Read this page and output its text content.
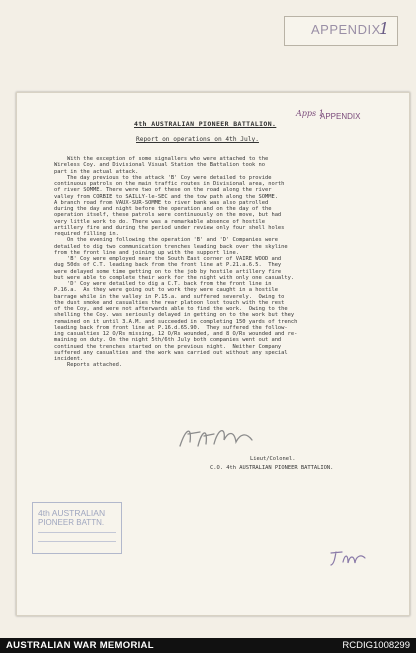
APPENDIX
1
Apps 1
APPENDIX
4th AUSTRALIAN PIONEER BATTALION.
Report on operations on 4th July.
With the exception of some signallers who were attached to the
Wireless Coy. and Divisional Visual Station the Battalion took no
part in the actual attack.
The day previous to the attack 'B' Coy were detailed to provide
continuous patrols on the main traffic routes in Divisional area, north
of river SOMME. There were two of these on the road along the river
valley from CORBIE to SAILLY-le-SEC and the tow path along the SOMME.
A branch road from VAUX-SUR-SOMME to river bank was also patrolled
during the day and night before the operation and on the day of the
operation itself, these patrols were continuously on the move, but had
very little work to do. There was a remarkable absence of hostile
artillery fire and during the period under review only four shell holes
required filling in.
On the evening following the operation 'B' and 'D' Companies were
detailed to dig two communication trenches leading back over the skyline
from the front line and joining up with the support line.
'B' Coy were employed near the South East corner of VAIRE WOOD and
dug 50ds of C.T. leading back from the front line at P.21.a.6.5.  They
were delayed some time getting on to the job by hostile artillery fire
but were able to complete their work for the night with only one casualty.
'D' Coy were detailed to dig a C.T. back from the front line in
P.16.a.  As they were going out to work they were caught in a hostile
barrage while in the valley in P.15.a. and suffered severely.  Owing to
the dust smoke and casualties the rear platoon lost touch with the rest
of the Coy, and were not afterwards able to find the work.  Owing to the
shelling the Coy. was seriously delayed in getting on to the work but they
remained on it until 3.A.M. and succeeded in completing 150 yards of trench
leading back from front line at P.16.d.65.90.  They suffered the follow-
ing casualties 12 O/Rs missing, 12 O/Rs wounded, and 8 O/Rs wounded and re-
maining on duty. On the night 5th/6th July both companies went out and
continued the trenches started on the previous night.  Neither Company
suffered any casualties and the work was carried out without any special
incident.
Reports attached.
Lieut/Colonel.
C.O. 4th AUSTRALIAN PIONEER BATTALION.
4th AUSTRALIAN
PIONEER BATTN.
AUSTRALIAN WAR MEMORIAL	RCDIG1008299
